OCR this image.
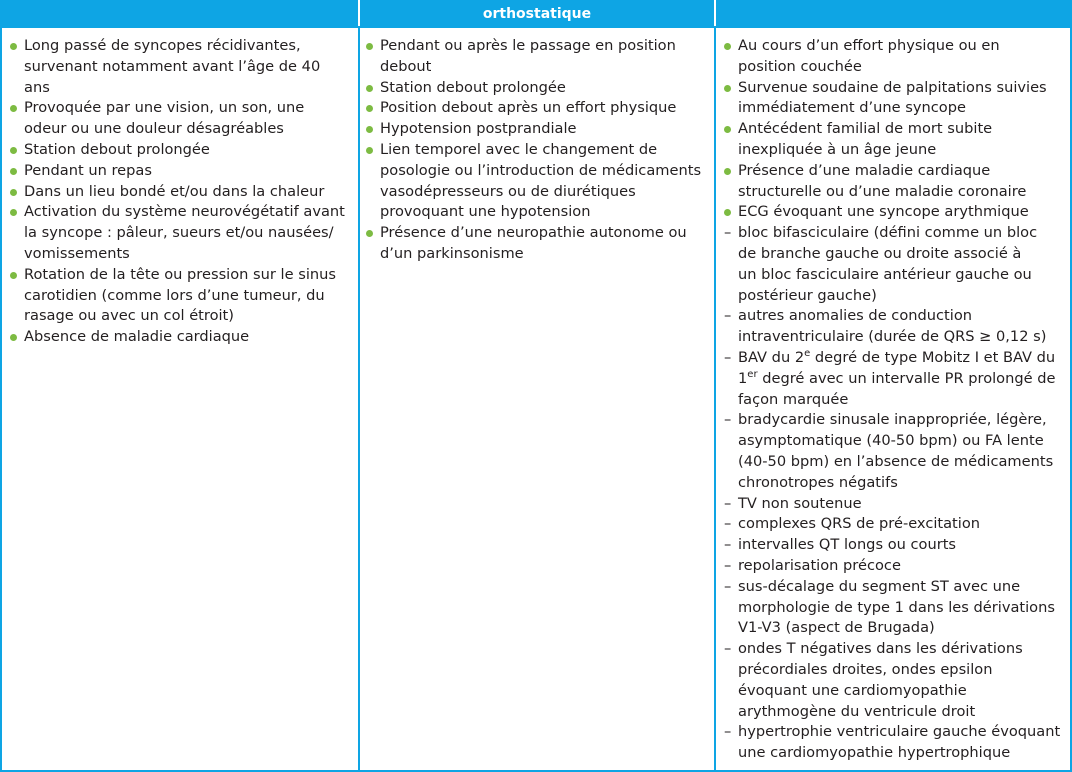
orthostatique
Long passé de syncopes récidivantes,
survenant notamment avant l’âge de 40 ans
Provoquée par une vision, un son, une
odeur ou une douleur désagréables
Station debout prolongée
Pendant un repas
Dans un lieu bondé et/ou dans la chaleur
Activation du système neurovégétatif avant
la syncope : pâleur, sueurs et/ou nausées/
vomissements
Rotation de la tête ou pression sur le sinus
carotidien (comme lors d’une tumeur, du
rasage ou avec un col étroit)
Absence de maladie cardiaque
Pendant ou après le passage en position
debout
Station debout prolongée
Position debout après un effort physique
Hypotension postprandiale
Lien temporel avec le changement de
posologie ou l’introduction de médicaments
vasodépresseurs ou de diurétiques
provoquant une hypotension
Présence d’une neuropathie autonome ou
d’un parkinsonisme
Au cours d’un effort physique ou en
position couchée
Survenue soudaine de palpitations suivies
immédiatement d’une syncope
Antécédent familial de mort subite
inexpliquée à un âge jeune
Présence d’une maladie cardiaque
structurelle ou d’une maladie coronaire
ECG évoquant une syncope arythmique
– bloc bifasciculaire (défini comme un bloc
de branche gauche ou droite associé à
un bloc fasciculaire antérieur gauche ou
postérieur gauche)
– autres anomalies de conduction
intraventriculaire (durée de QRS ≥ 0,12 s)
– BAV du 2e degré de type Mobitz I et BAV du
1er degré avec un intervalle PR prolongé de
façon marquée
– bradycardie sinusale inappropriée, légère,
asymptomatique (40-50 bpm) ou FA lente
(40-50 bpm) en l’absence de médicaments
chronotropes négatifs
– TV non soutenue
– complexes QRS de pré-excitation
– intervalles QT longs ou courts
– repolarisation précoce
– sus-décalage du segment ST avec une
morphologie de type 1 dans les dérivations
V1-V3 (aspect de Brugada)
– ondes T négatives dans les dérivations
précordiales droites, ondes epsilon
évoquant une cardiomyopathie
arythmogène du ventricule droit
– hypertrophie ventriculaire gauche évoquant
une cardiomyopathie hypertrophique
